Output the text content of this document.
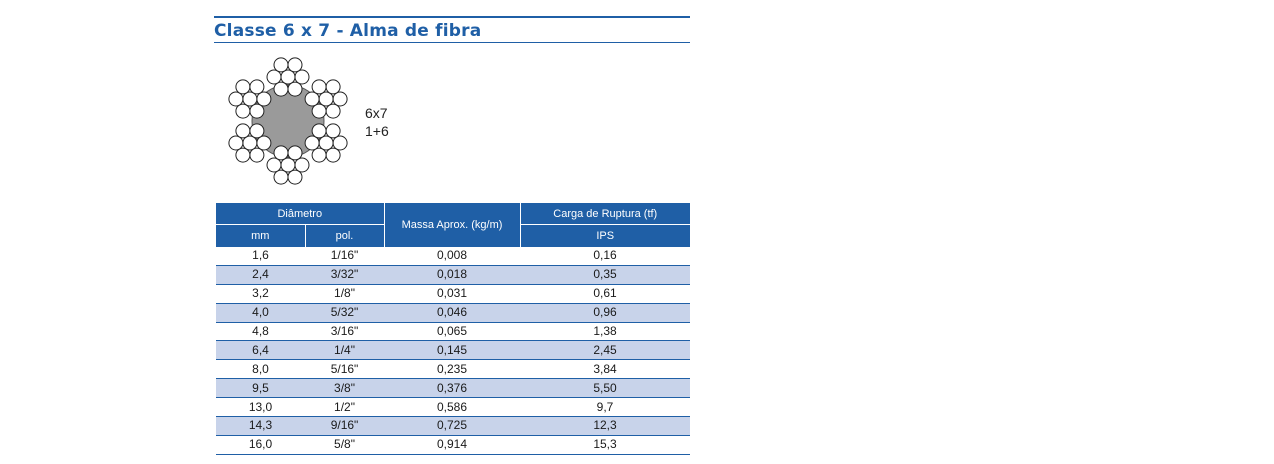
Classe 6 x 7 - Alma de fibra
6x7
1+6
Diâmetro		Massa Aprox. (kg/m)	Carga de Ruptura (tf)
mm	pol.		IPS
1,6	1/16"	0,008	0,16
2,4	3/32"	0,018	0,35
3,2	1/8"	0,031	0,61
4,0	5/32"	0,046	0,96
4,8	3/16"	0,065	1,38
6,4	1/4"	0,145	2,45
8,0	5/16"	0,235	3,84
9,5	3/8"	0,376	5,50
13,0	1/2"	0,586	9,7
14,3	9/16"	0,725	12,3
16,0	5/8"	0,914	15,3
